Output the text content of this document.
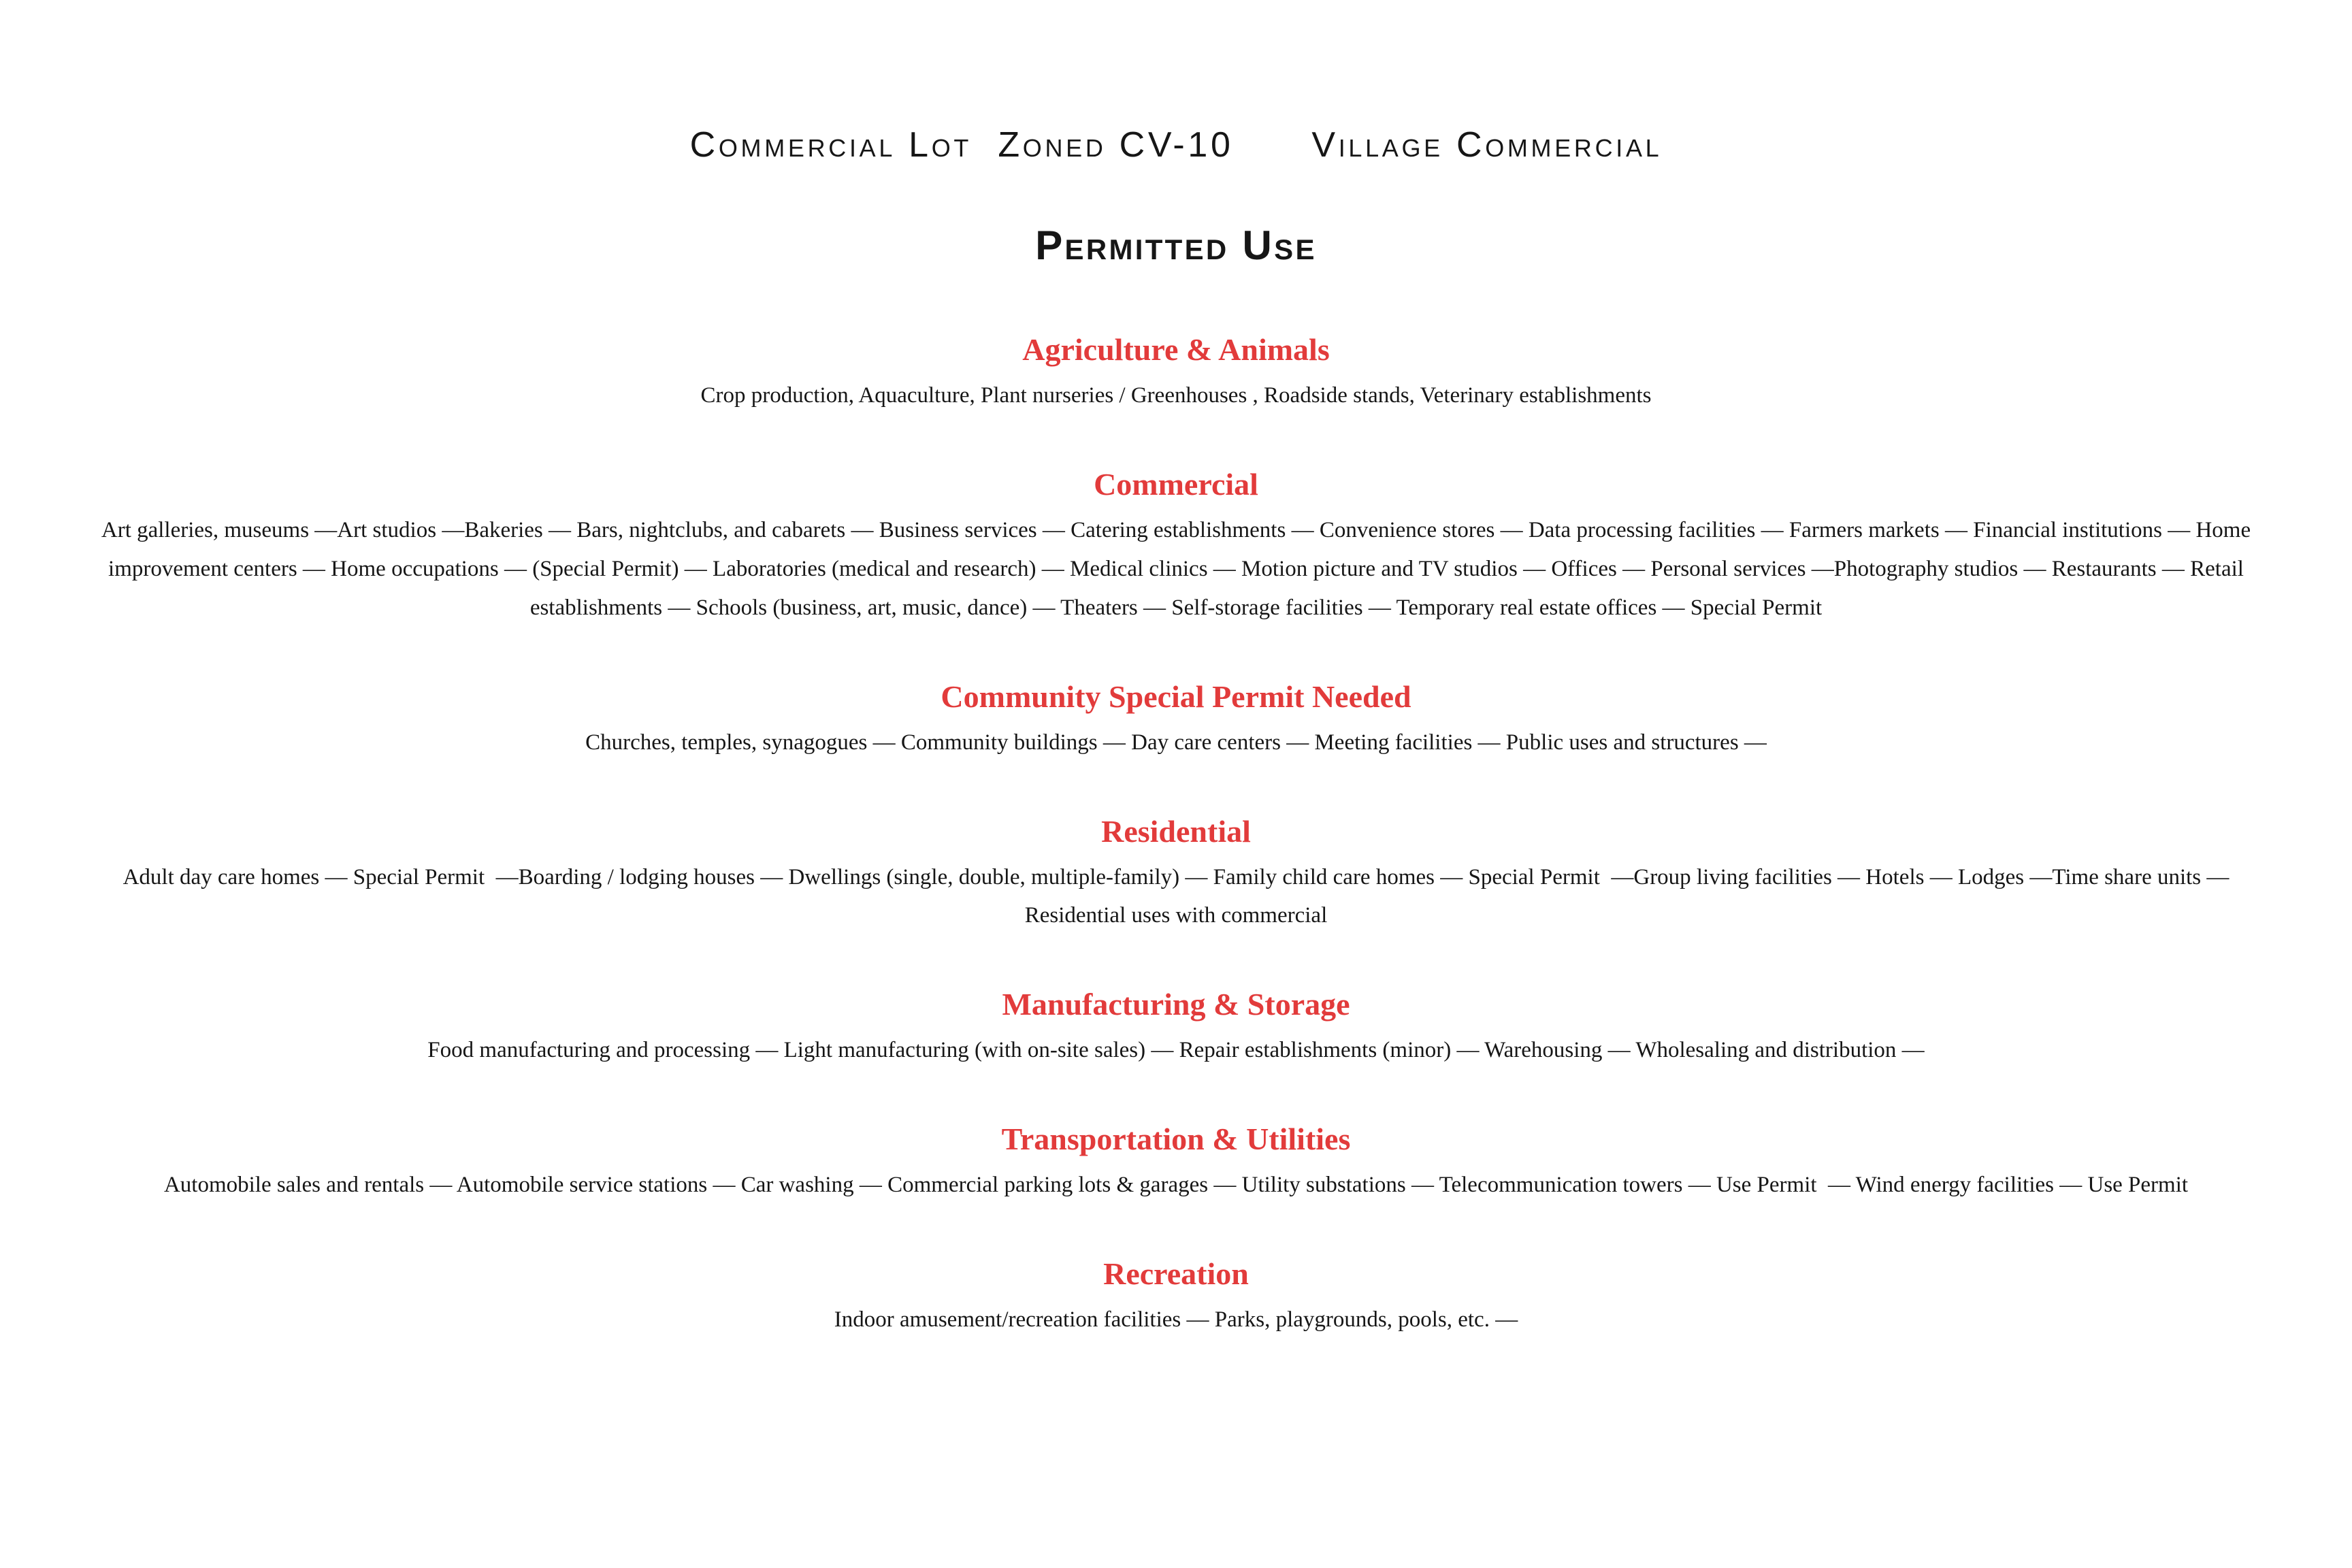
Commercial Lot  Zoned CV-10      Village Commercial
Permitted Use
Agriculture & Animals

Crop production, Aquaculture, Plant nurseries / Greenhouses , Roadside stands, Veterinary establishments

Commercial

Art galleries, museums —Art studios —Bakeries — Bars, nightclubs, and cabarets — Business services — Catering establishments — Convenience stores — Data processing facilities — Farmers markets — Financial institutions — Home improvement centers — Home occupations — (Special Permit) — Laboratories (medical and research) — Medical clinics — Motion picture and TV studios — Offices — Personal services —Photography studios — Restaurants — Retail establishments — Schools (business, art, music, dance) — Theaters — Self-storage facilities — Temporary real estate offices — Special Permit

Community Special Permit Needed

Churches, temples, synagogues — Community buildings — Day care centers — Meeting facilities — Public uses and structures —

Residential

Adult day care homes — Special Permit  —Boarding / lodging houses — Dwellings (single, double, multiple-family) — Family child care homes — Special Permit  —Group living facilities — Hotels — Lodges —Time share units — Residential uses with commercial

Manufacturing & Storage

Food manufacturing and processing — Light manufacturing (with on-site sales) — Repair establishments (minor) — Warehousing — Wholesaling and distribution —

Transportation & Utilities

Automobile sales and rentals — Automobile service stations — Car washing — Commercial parking lots & garages — Utility substations — Telecommunication towers — Use Permit  — Wind energy facilities — Use Permit

Recreation

Indoor amusement/recreation facilities — Parks, playgrounds, pools, etc. —
